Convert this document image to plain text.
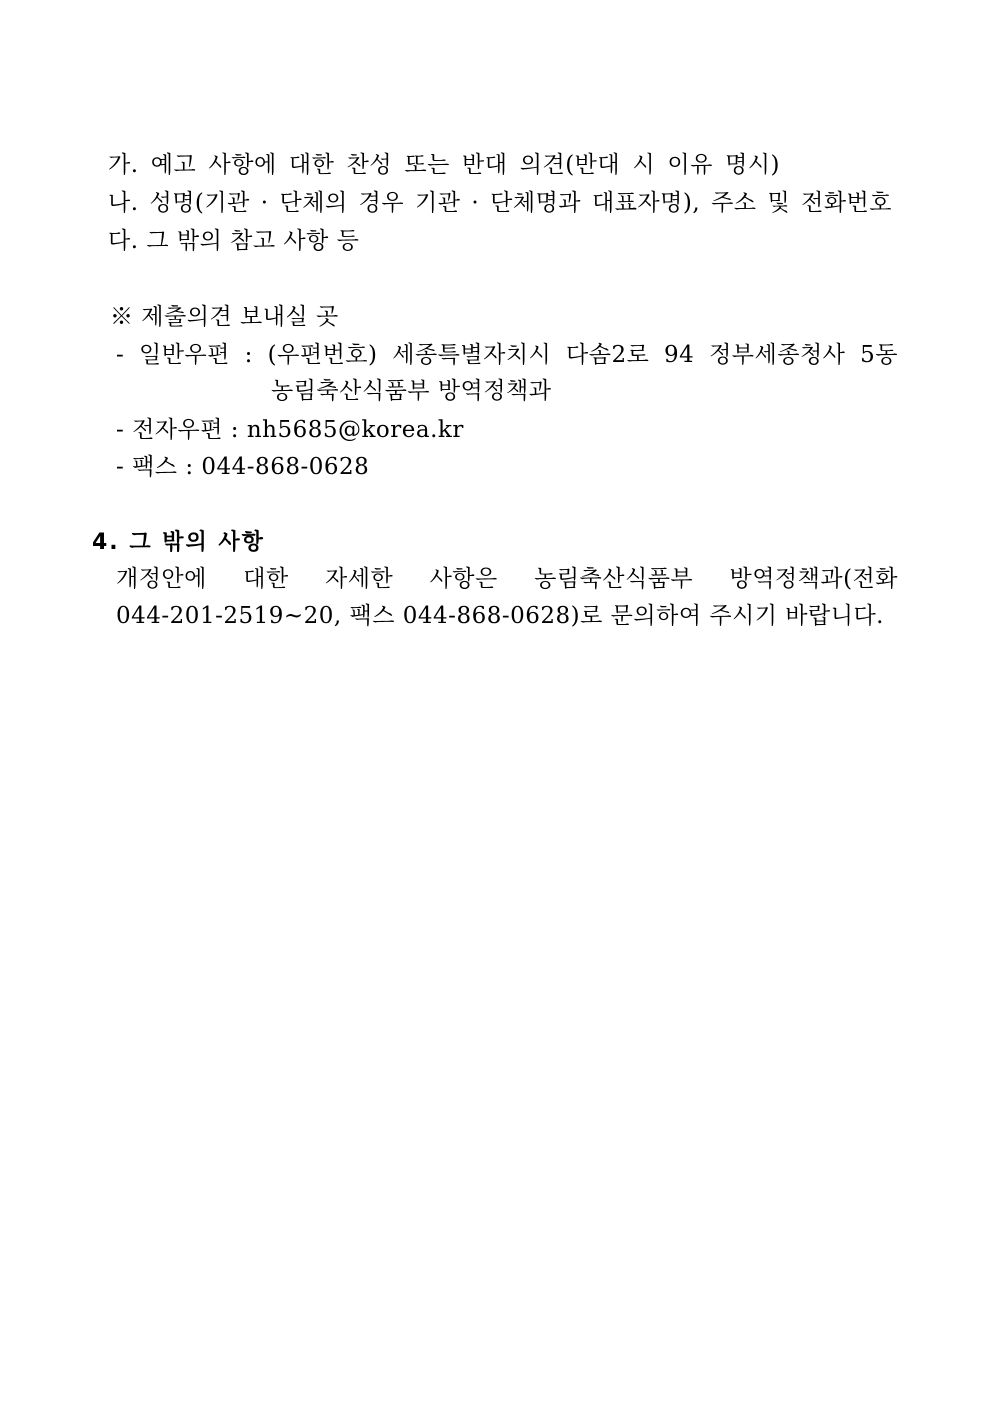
가. 예고 사항에 대한 찬성 또는 반대 의견(반대 시 이유 명시)
나. 성명(기관 · 단체의 경우 기관 · 단체명과 대표자명), 주소 및 전화번호
다. 그 밖의 참고 사항 등
※ 제출의견 보내실 곳
- 일반우편 : (우편번호) 세종특별자치시 다솜2로 94 정부세종청사 5동
농림축산식품부 방역정책과
- 전자우편 : nh5685@korea.kr
- 팩스 : 044-868-0628
4. 그 밖의 사항
개정안에 대한 자세한 사항은 농림축산식품부 방역정책과(전화
044-201-2519~20, 팩스 044-868-0628)로 문의하여 주시기 바랍니다.
